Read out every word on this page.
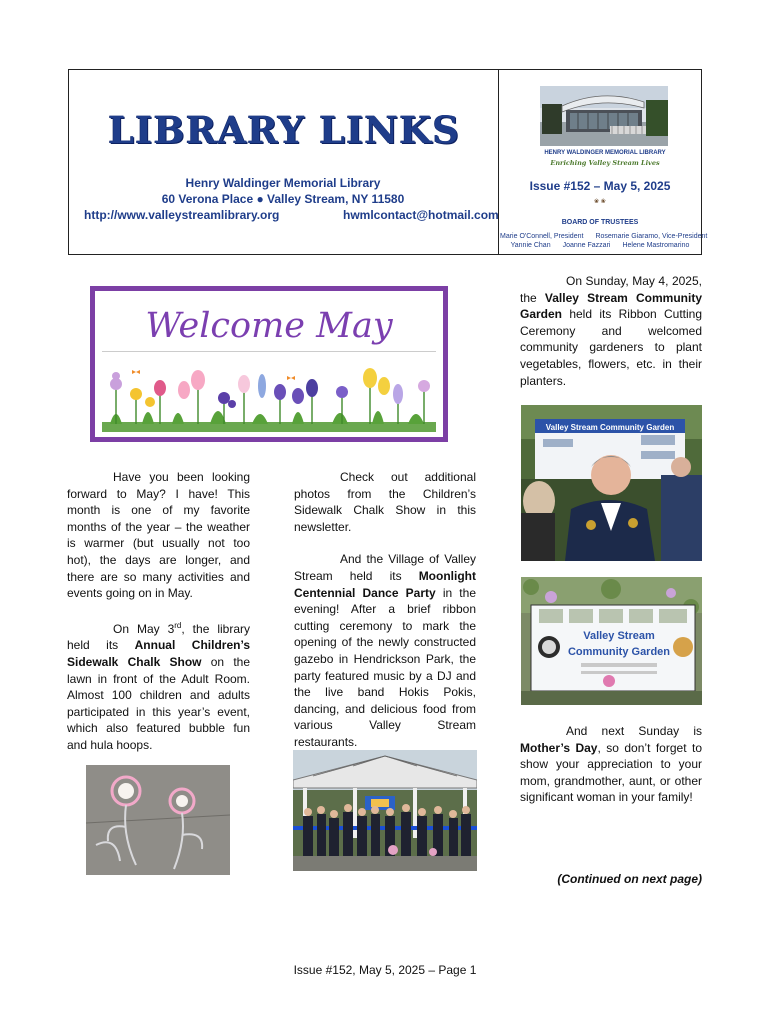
LIBRARY LINKS
Henry Waldinger Memorial Library
60 Verona Place ● Valley Stream, NY 11580
http://www.valleystreamlibrary.org	hwmlcontact@hotmail.com
HENRY WALDINGER MEMORIAL LIBRARY
Enriching Valley Stream Lives
Issue #152 – May 5, 2025
❀ ❀
BOARD OF TRUSTEES
Marie O'Connell, President Rosemarie Giaramo, Vice-President
Yannie Chan Joanne Fazzari Helene Mastromarino
Welcome May

Have you been looking forward to May? I have! This month is one of my favorite months of the year – the weather is warmer (but usually not too hot), the days are longer, and there are so many activities and events going on in May.

On May 3rd, the library held its Annual Children’s Sidewalk Chalk Show on the lawn in front of the Adult Room. Almost 100 children and adults participated in this year’s event, which also featured bubble fun and hula hoops.

Check out additional photos from the Children’s Sidewalk Chalk Show in this newsletter.

And the Village of Valley Stream held its Moonlight Centennial Dance Party in the evening! After a brief ribbon cutting ceremony to mark the opening of the newly constructed gazebo in Hendrickson Park, the party featured music by a DJ and the live band Hokis Pokis, dancing, and delicious food from various Valley Stream restaurants.

On Sunday, May 4, 2025, the Valley Stream Community Garden held its Ribbon Cutting Ceremony and welcomed community gardeners to plant vegetables, flowers, etc. in their planters.

And next Sunday is Mother’s Day, so don’t forget to show your appreciation to your mom, grandmother, aunt, or other significant woman in your family!

Valley Stream Community Garden
Valley Stream
Community Garden
(Continued on next page)
Issue #152, May 5, 2025 – Page 1
